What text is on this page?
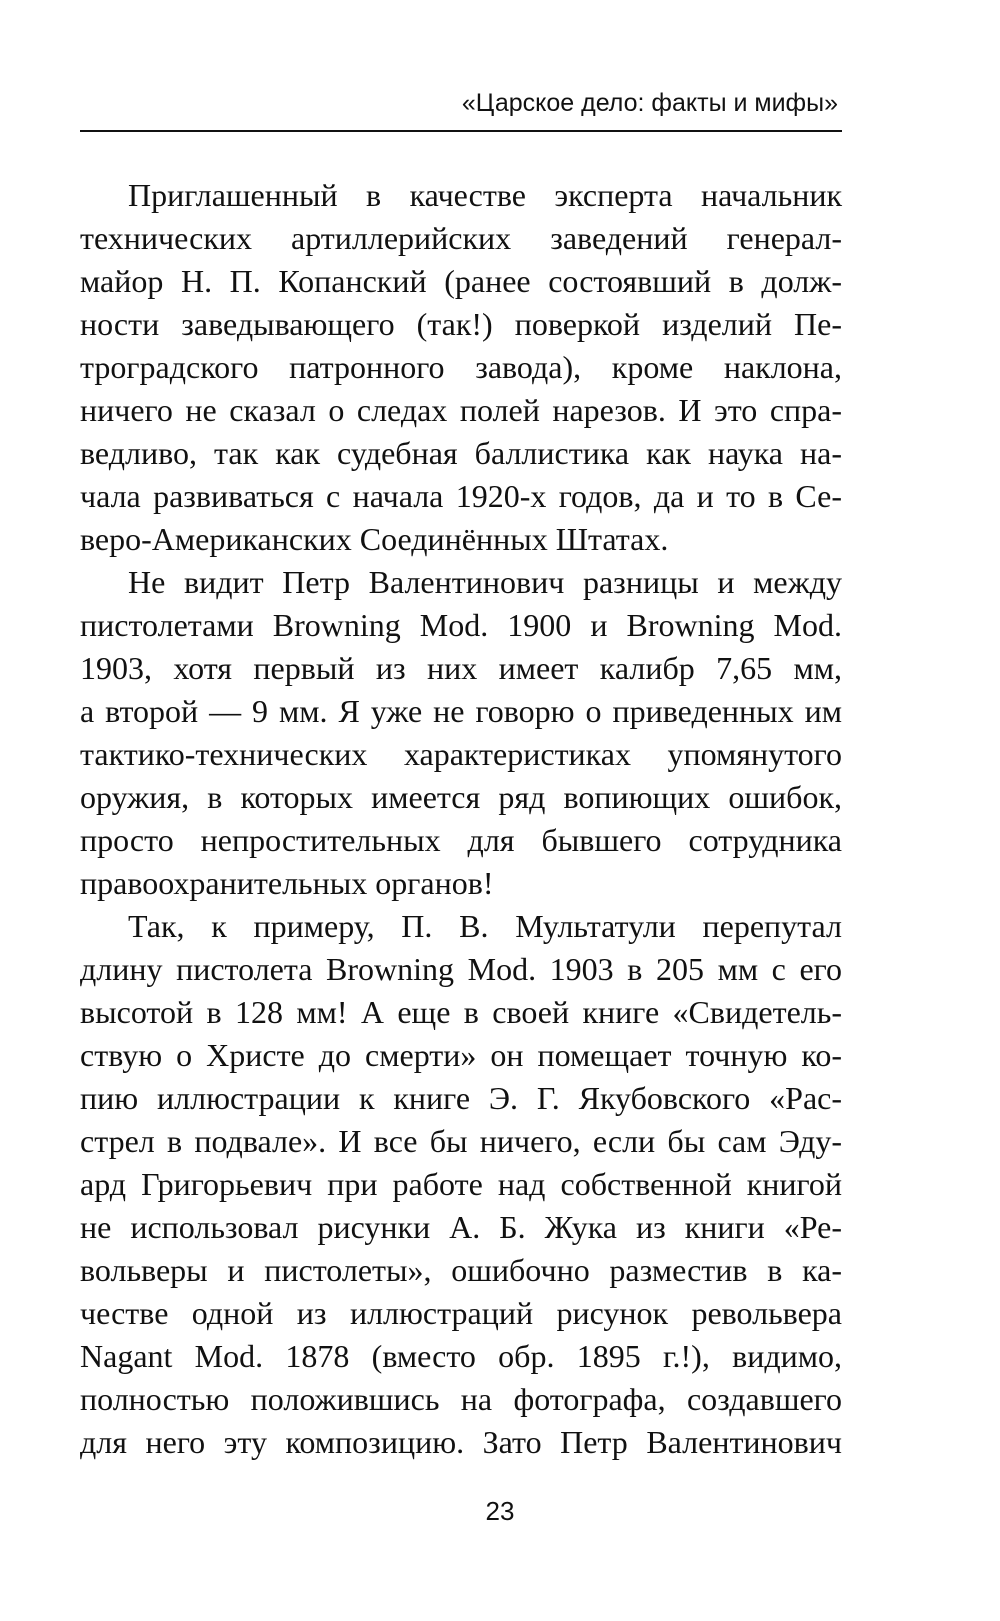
«Царское дело: факты и мифы»
Приглашенный в качестве эксперта начальник
технических артиллерийских заведений генерал-
майор Н. П. Копанский (ранее состоявший в долж-
ности заведывающего (так!) поверкой изделий Пе-
троградского патронного завода), кроме наклона,
ничего не сказал о следах полей нарезов. И это спра-
ведливо, так как судебная баллистика как наука на-
чала развиваться с начала 1920-х годов, да и то в Се-
веро-Американских Соединённых Штатах.
Не видит Петр Валентинович разницы и между
пистолетами Browning Mod. 1900 и Browning Mod.
1903, хотя первый из них имеет калибр 7,65 мм,
а второй — 9 мм. Я уже не говорю о приведенных им
тактико-технических характеристиках упомянутого
оружия, в которых имеется ряд вопиющих ошибок,
просто непростительных для бывшего сотрудника
правоохранительных органов!
Так, к примеру, П. В. Мультатули перепутал
длину пистолета Browning Mod. 1903 в 205 мм с его
высотой в 128 мм! А еще в своей книге «Свидетель-
ствую о Христе до смерти» он помещает точную ко-
пию иллюстрации к книге Э. Г. Якубовского «Рас-
стрел в подвале». И все бы ничего, если бы сам Эду-
ард Григорьевич при работе над собственной книгой
не использовал рисунки А. Б. Жука из книги «Ре-
вольверы и пистолеты», ошибочно разместив в ка-
честве одной из иллюстраций рисунок револьвера
Nagant Mod. 1878 (вместо обр. 1895 г.!), видимо,
полностью положившись на фотографа, создавшего
для него эту композицию. Зато Петр Валентинович
23
